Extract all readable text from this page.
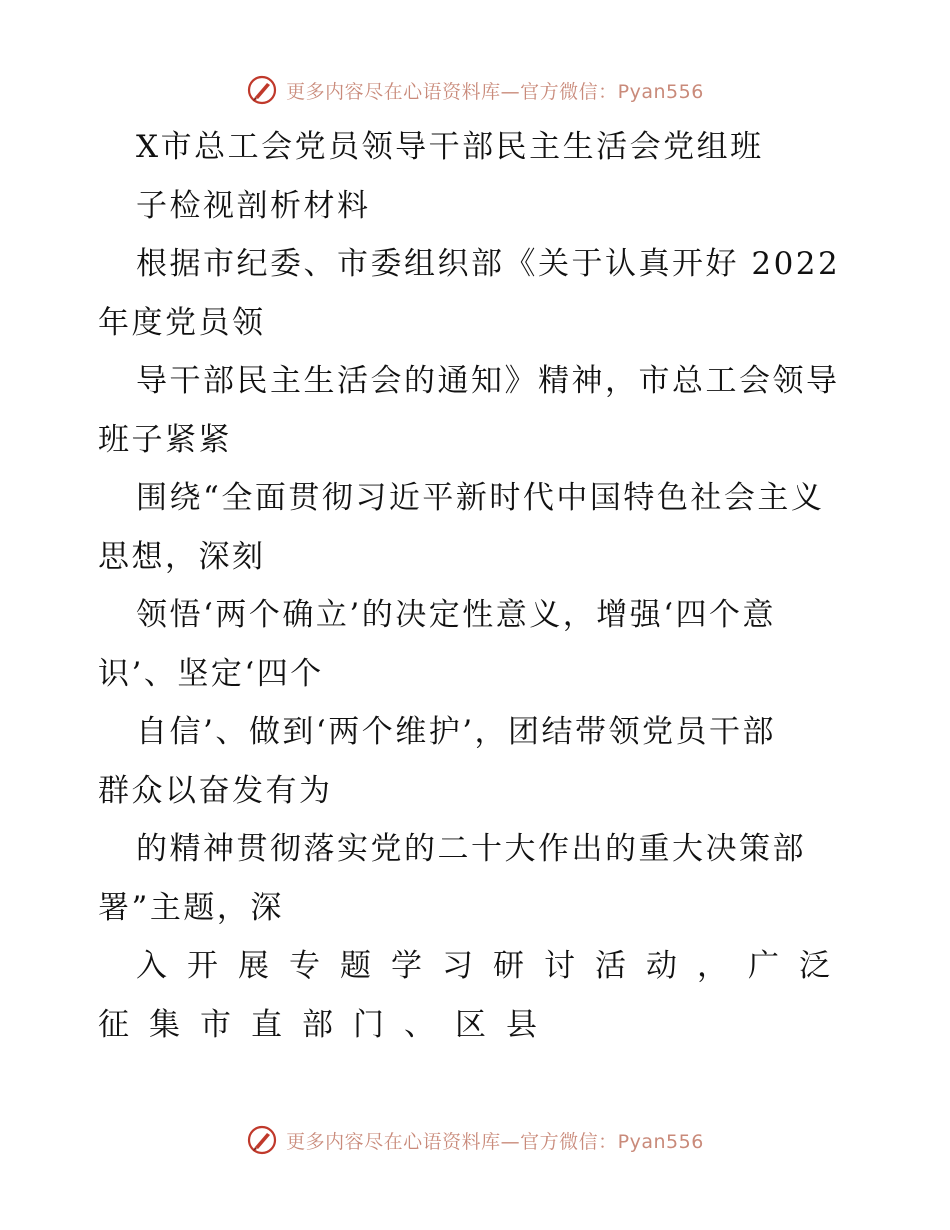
更多内容尽在心语资料库—官方微信：Pyan556
X市总工会党员领导干部民主生活会党组班
子检视剖析材料
根据市纪委、市委组织部《关于认真开好 2022
年度党员领
导干部民主生活会的通知》精神，市总工会领导
班子紧紧
围绕“全面贯彻习近平新时代中国特色社会主义
思想，深刻
领悟‘两个确立’的决定性意义，增强‘四个意
识’、坚定‘四个
自信’、做到‘两个维护’，团结带领党员干部
群众以奋发有为
的精神贯彻落实党的二十大作出的重大决策部
署”主题，深
入开展专题学习研讨活动，广泛
征集市直部门、区县
更多内容尽在心语资料库—官方微信：Pyan556
